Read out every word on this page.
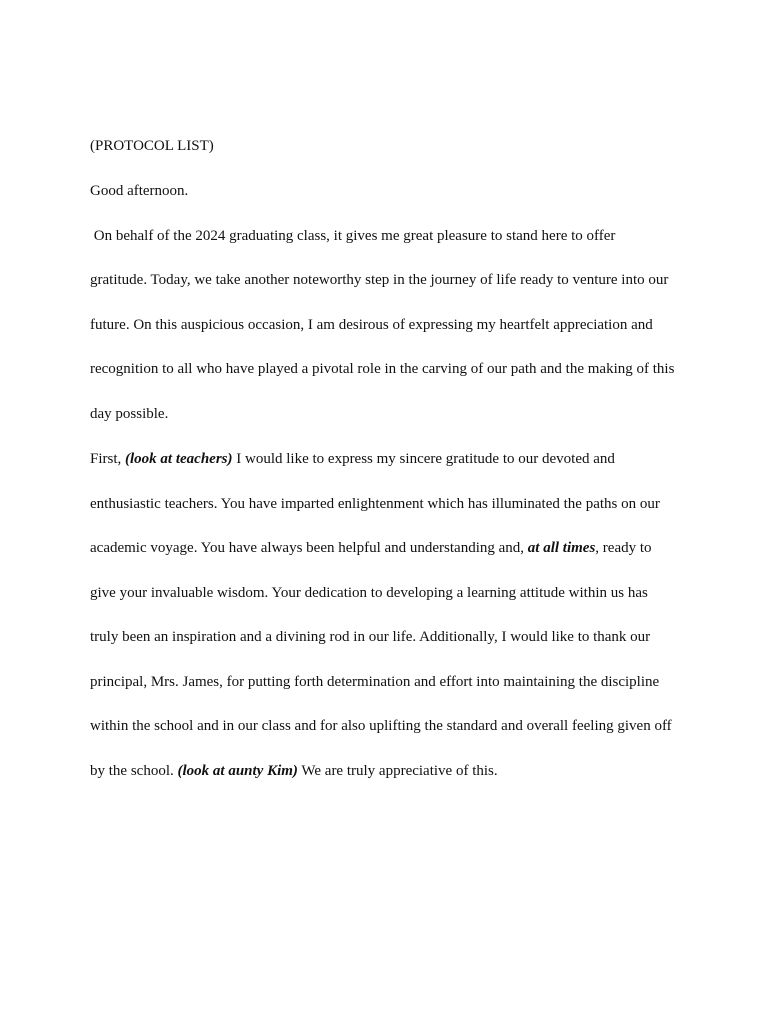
(PROTOCOL LIST)
Good afternoon.
On behalf of the 2024 graduating class, it gives me great pleasure to stand here to offer
gratitude. Today, we take another noteworthy step in the journey of life ready to venture into our
future. On this auspicious occasion, I am desirous of expressing my heartfelt appreciation and
recognition to all who have played a pivotal role in the carving of our path and the making of this
day possible.
First, (look at teachers) I would like to express my sincere gratitude to our devoted and
enthusiastic teachers. You have imparted enlightenment which has illuminated the paths on our
academic voyage. You have always been helpful and understanding and, at all times, ready to
give your invaluable wisdom. Your dedication to developing a learning attitude within us has
truly been an inspiration and a divining rod in our life. Additionally, I would like to thank our
principal, Mrs. James, for putting forth determination and effort into maintaining the discipline
within the school and in our class and for also uplifting the standard and overall feeling given off
by the school. (look at aunty Kim) We are truly appreciative of this.
